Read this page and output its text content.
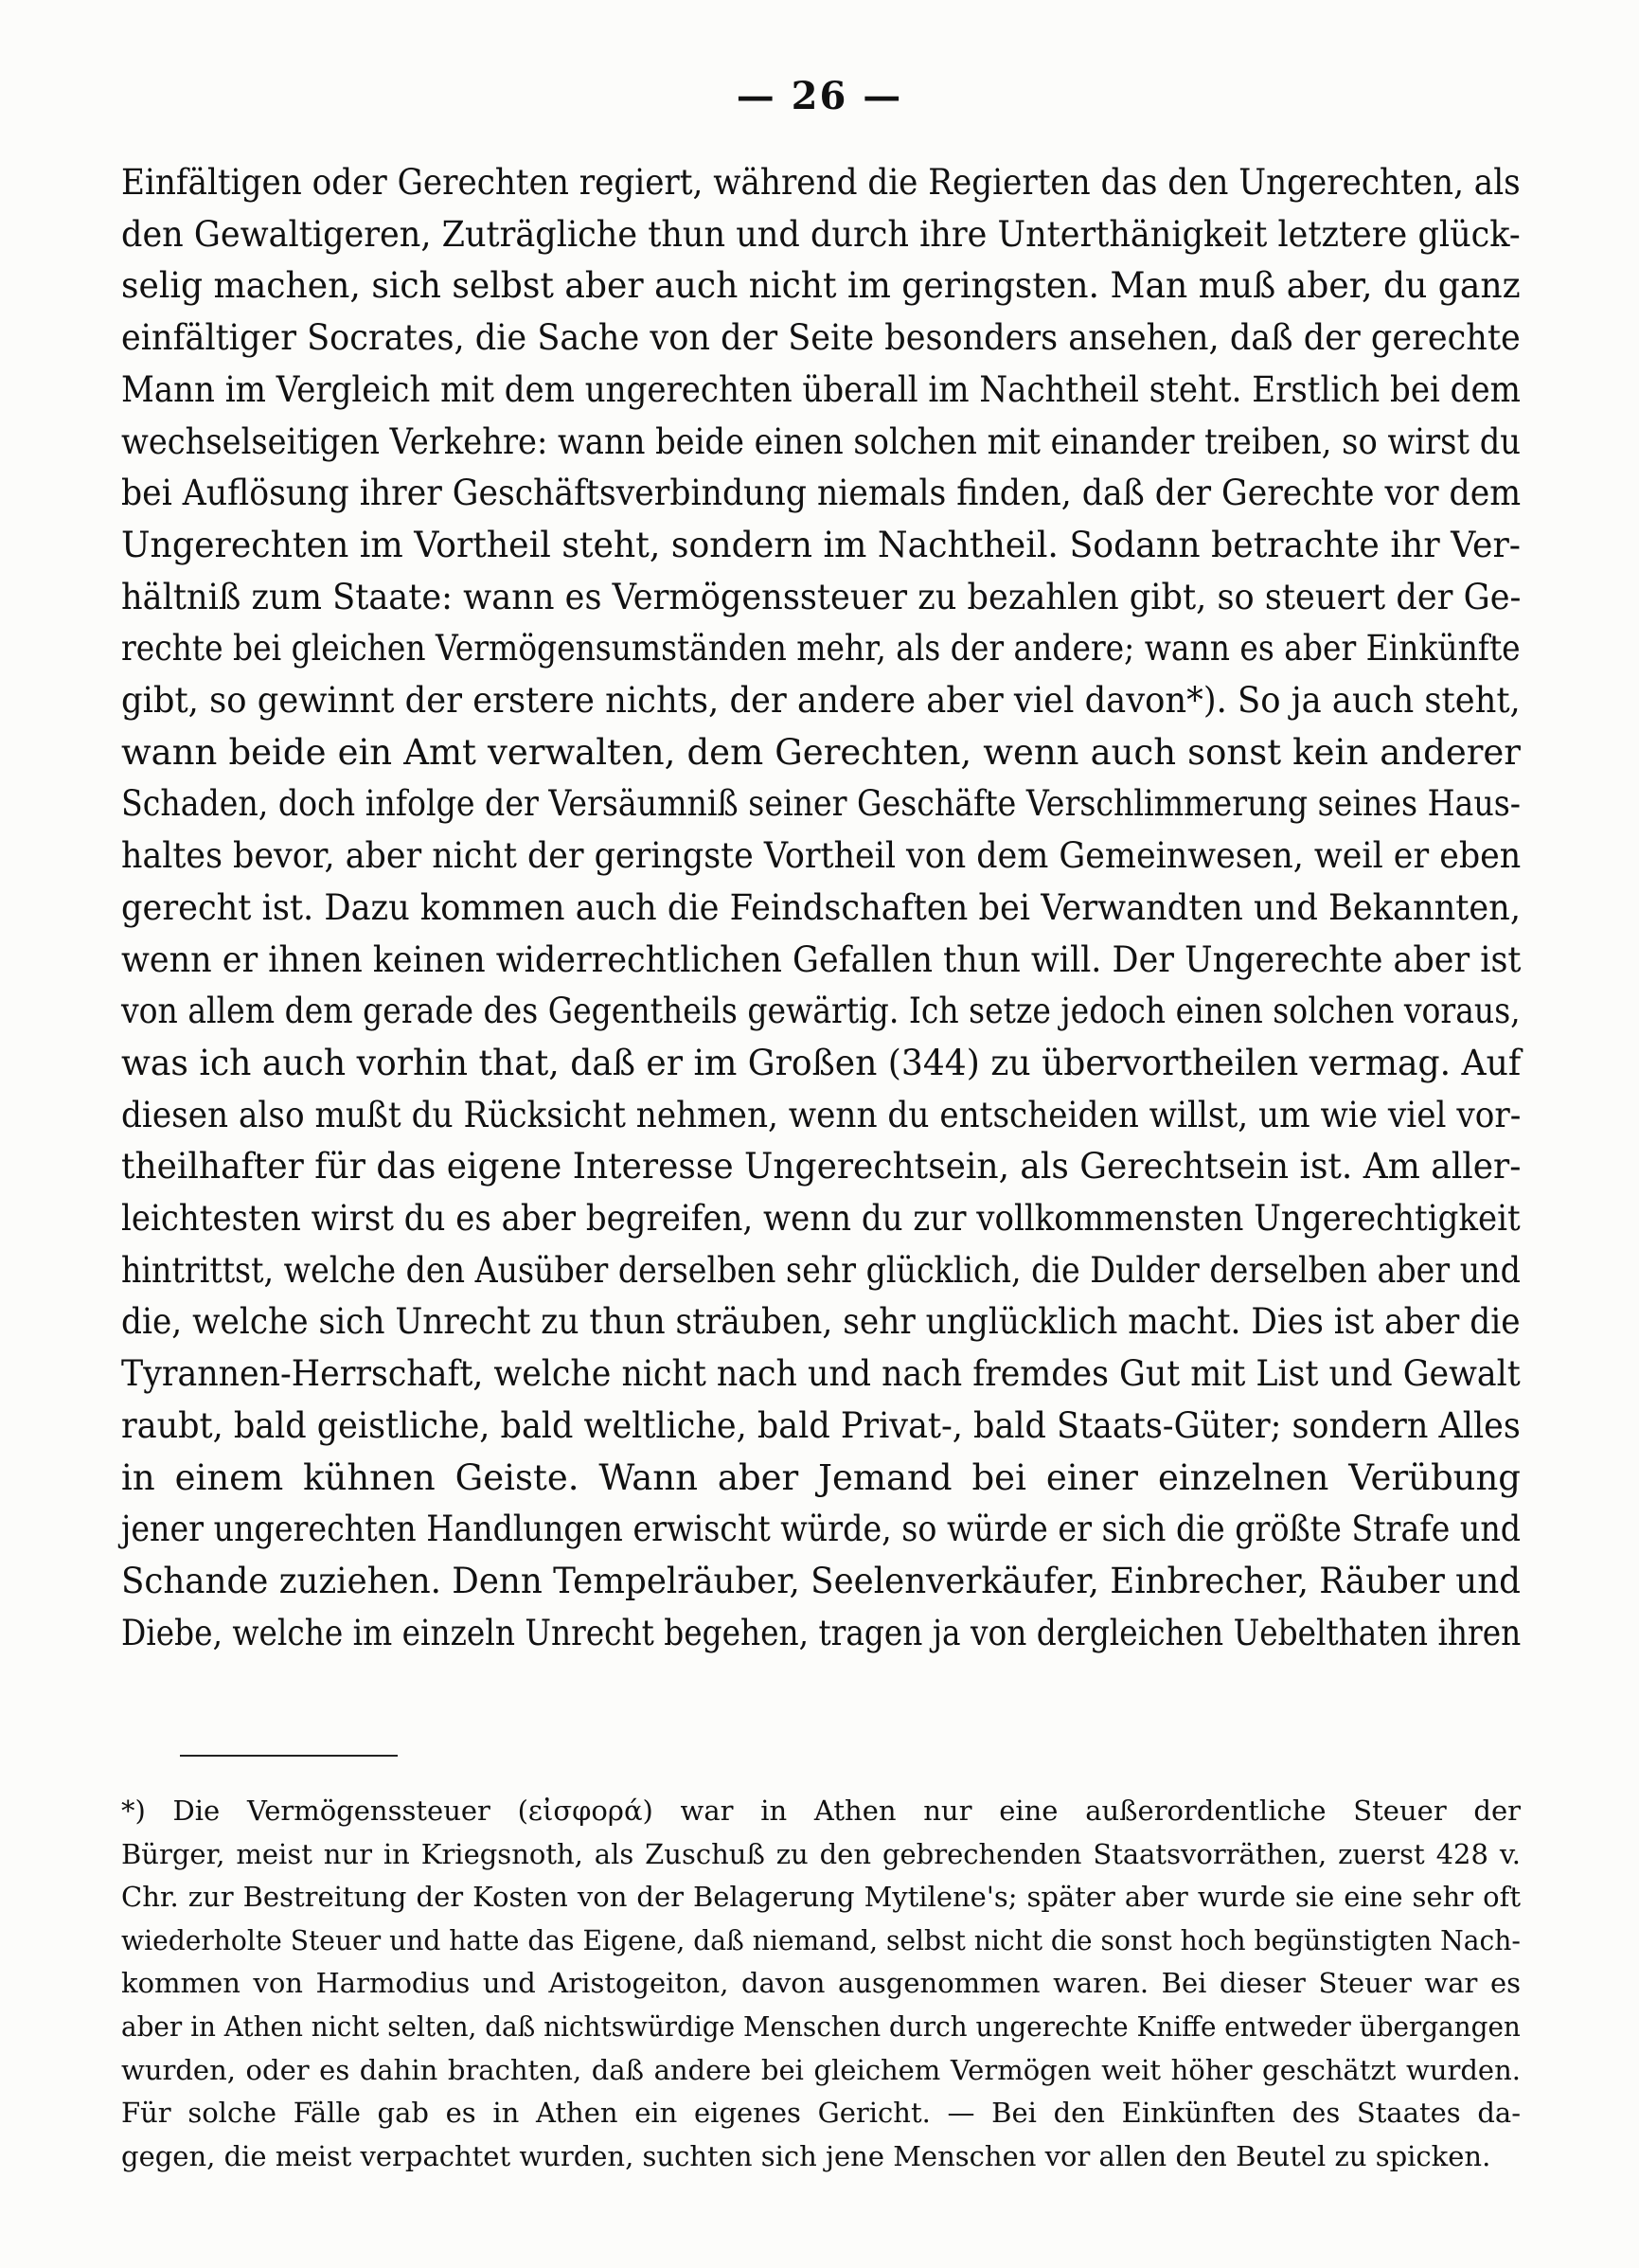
— 26 —
Einfältigen oder Gerechten regiert, während die Regierten das den Ungerechten, als
den Gewaltigeren, Zuträgliche thun und durch ihre Unterthänigkeit letztere glück-
selig machen, sich selbst aber auch nicht im geringsten. Man muß aber, du ganz
einfältiger Socrates, die Sache von der Seite besonders ansehen, daß der gerechte
Mann im Vergleich mit dem ungerechten überall im Nachtheil steht. Erstlich bei dem
wechselseitigen Verkehre: wann beide einen solchen mit einander treiben, so wirst du
bei Auflösung ihrer Geschäftsverbindung niemals finden, daß der Gerechte vor dem
Ungerechten im Vortheil steht, sondern im Nachtheil. Sodann betrachte ihr Ver-
hältniß zum Staate: wann es Vermögenssteuer zu bezahlen gibt, so steuert der Ge-
rechte bei gleichen Vermögensumständen mehr, als der andere; wann es aber Einkünfte
gibt, so gewinnt der erstere nichts, der andere aber viel davon*). So ja auch steht,
wann beide ein Amt verwalten, dem Gerechten, wenn auch sonst kein anderer
Schaden, doch infolge der Versäumniß seiner Geschäfte Verschlimmerung seines Haus-
haltes bevor, aber nicht der geringste Vortheil von dem Gemeinwesen, weil er eben
gerecht ist. Dazu kommen auch die Feindschaften bei Verwandten und Bekannten,
wenn er ihnen keinen widerrechtlichen Gefallen thun will. Der Ungerechte aber ist
von allem dem gerade des Gegentheils gewärtig. Ich setze jedoch einen solchen voraus,
was ich auch vorhin that, daß er im Großen (344) zu übervortheilen vermag. Auf
diesen also mußt du Rücksicht nehmen, wenn du entscheiden willst, um wie viel vor-
theilhafter für das eigene Interesse Ungerechtsein, als Gerechtsein ist. Am aller-
leichtesten wirst du es aber begreifen, wenn du zur vollkommensten Ungerechtigkeit
hintrittst, welche den Ausüber derselben sehr glücklich, die Dulder derselben aber und
die, welche sich Unrecht zu thun sträuben, sehr unglücklich macht. Dies ist aber die
Tyrannen-Herrschaft, welche nicht nach und nach fremdes Gut mit List und Gewalt
raubt, bald geistliche, bald weltliche, bald Privat-, bald Staats-Güter; sondern Alles
in einem kühnen Geiste. Wann aber Jemand bei einer einzelnen Verübung
jener ungerechten Handlungen erwischt würde, so würde er sich die größte Strafe und
Schande zuziehen. Denn Tempelräuber, Seelenverkäufer, Einbrecher, Räuber und
Diebe, welche im einzeln Unrecht begehen, tragen ja von dergleichen Uebelthaten ihren
*) Die Vermögenssteuer (εἰσφορά) war in Athen nur eine außerordentliche Steuer der
Bürger, meist nur in Kriegsnoth, als Zuschuß zu den gebrechenden Staatsvorräthen, zuerst 428 v.
Chr. zur Bestreitung der Kosten von der Belagerung Mytilene's; später aber wurde sie eine sehr oft
wiederholte Steuer und hatte das Eigene, daß niemand, selbst nicht die sonst hoch begünstigten Nach-
kommen von Harmodius und Aristogeiton, davon ausgenommen waren. Bei dieser Steuer war es
aber in Athen nicht selten, daß nichtswürdige Menschen durch ungerechte Kniffe entweder übergangen
wurden, oder es dahin brachten, daß andere bei gleichem Vermögen weit höher geschätzt wurden.
Für solche Fälle gab es in Athen ein eigenes Gericht. — Bei den Einkünften des Staates da-
gegen, die meist verpachtet wurden, suchten sich jene Menschen vor allen den Beutel zu spicken.
